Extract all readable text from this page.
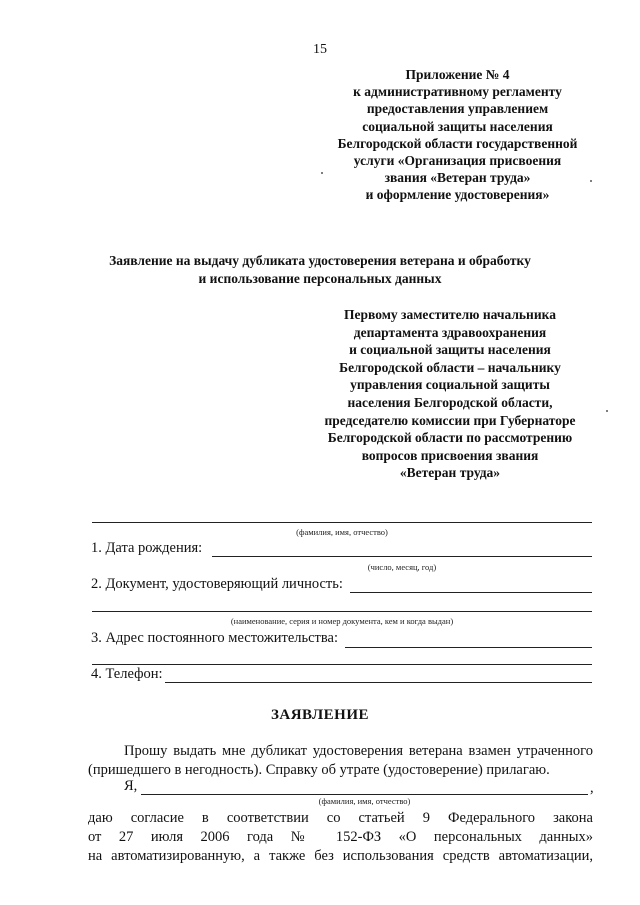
15
Приложение № 4
к административному регламенту
предоставления управлением
социальной защиты населения
Белгородской области государственной
услуги «Организация присвоения
звания «Ветеран труда»
и оформление удостоверения»
Заявление на выдачу дубликата удостоверения ветерана и обработку
и использование персональных данных
Первому заместителю начальника
департамента здравоохранения
и социальной защиты населения
Белгородской области – начальнику
управления социальной защиты
населения Белгородской области,
председателю комиссии при Губернаторе
Белгородской области по рассмотрению
вопросов присвоения звания
«Ветеран труда»
(фамилия, имя, отчество)
1. Дата рождения:
(число, месяц, год)
2. Документ, удостоверяющий личность:
(наименование, серия и номер документа, кем и когда выдан)
3. Адрес постоянного местожительства:
4. Телефон:
ЗАЯВЛЕНИЕ
Прошу выдать мне дубликат удостоверения ветерана взамен утраченного
(пришедшего в негодность). Справку об утрате (удостоверение) прилагаю.
Я,	,
(фамилия, имя, отчество)
даю согласие в соответствии со статьей 9 Федерального закона
от 27 июля 2006 года № 152-ФЗ «О персональных данных»
на автоматизированную, а также без использования средств автоматизации,
